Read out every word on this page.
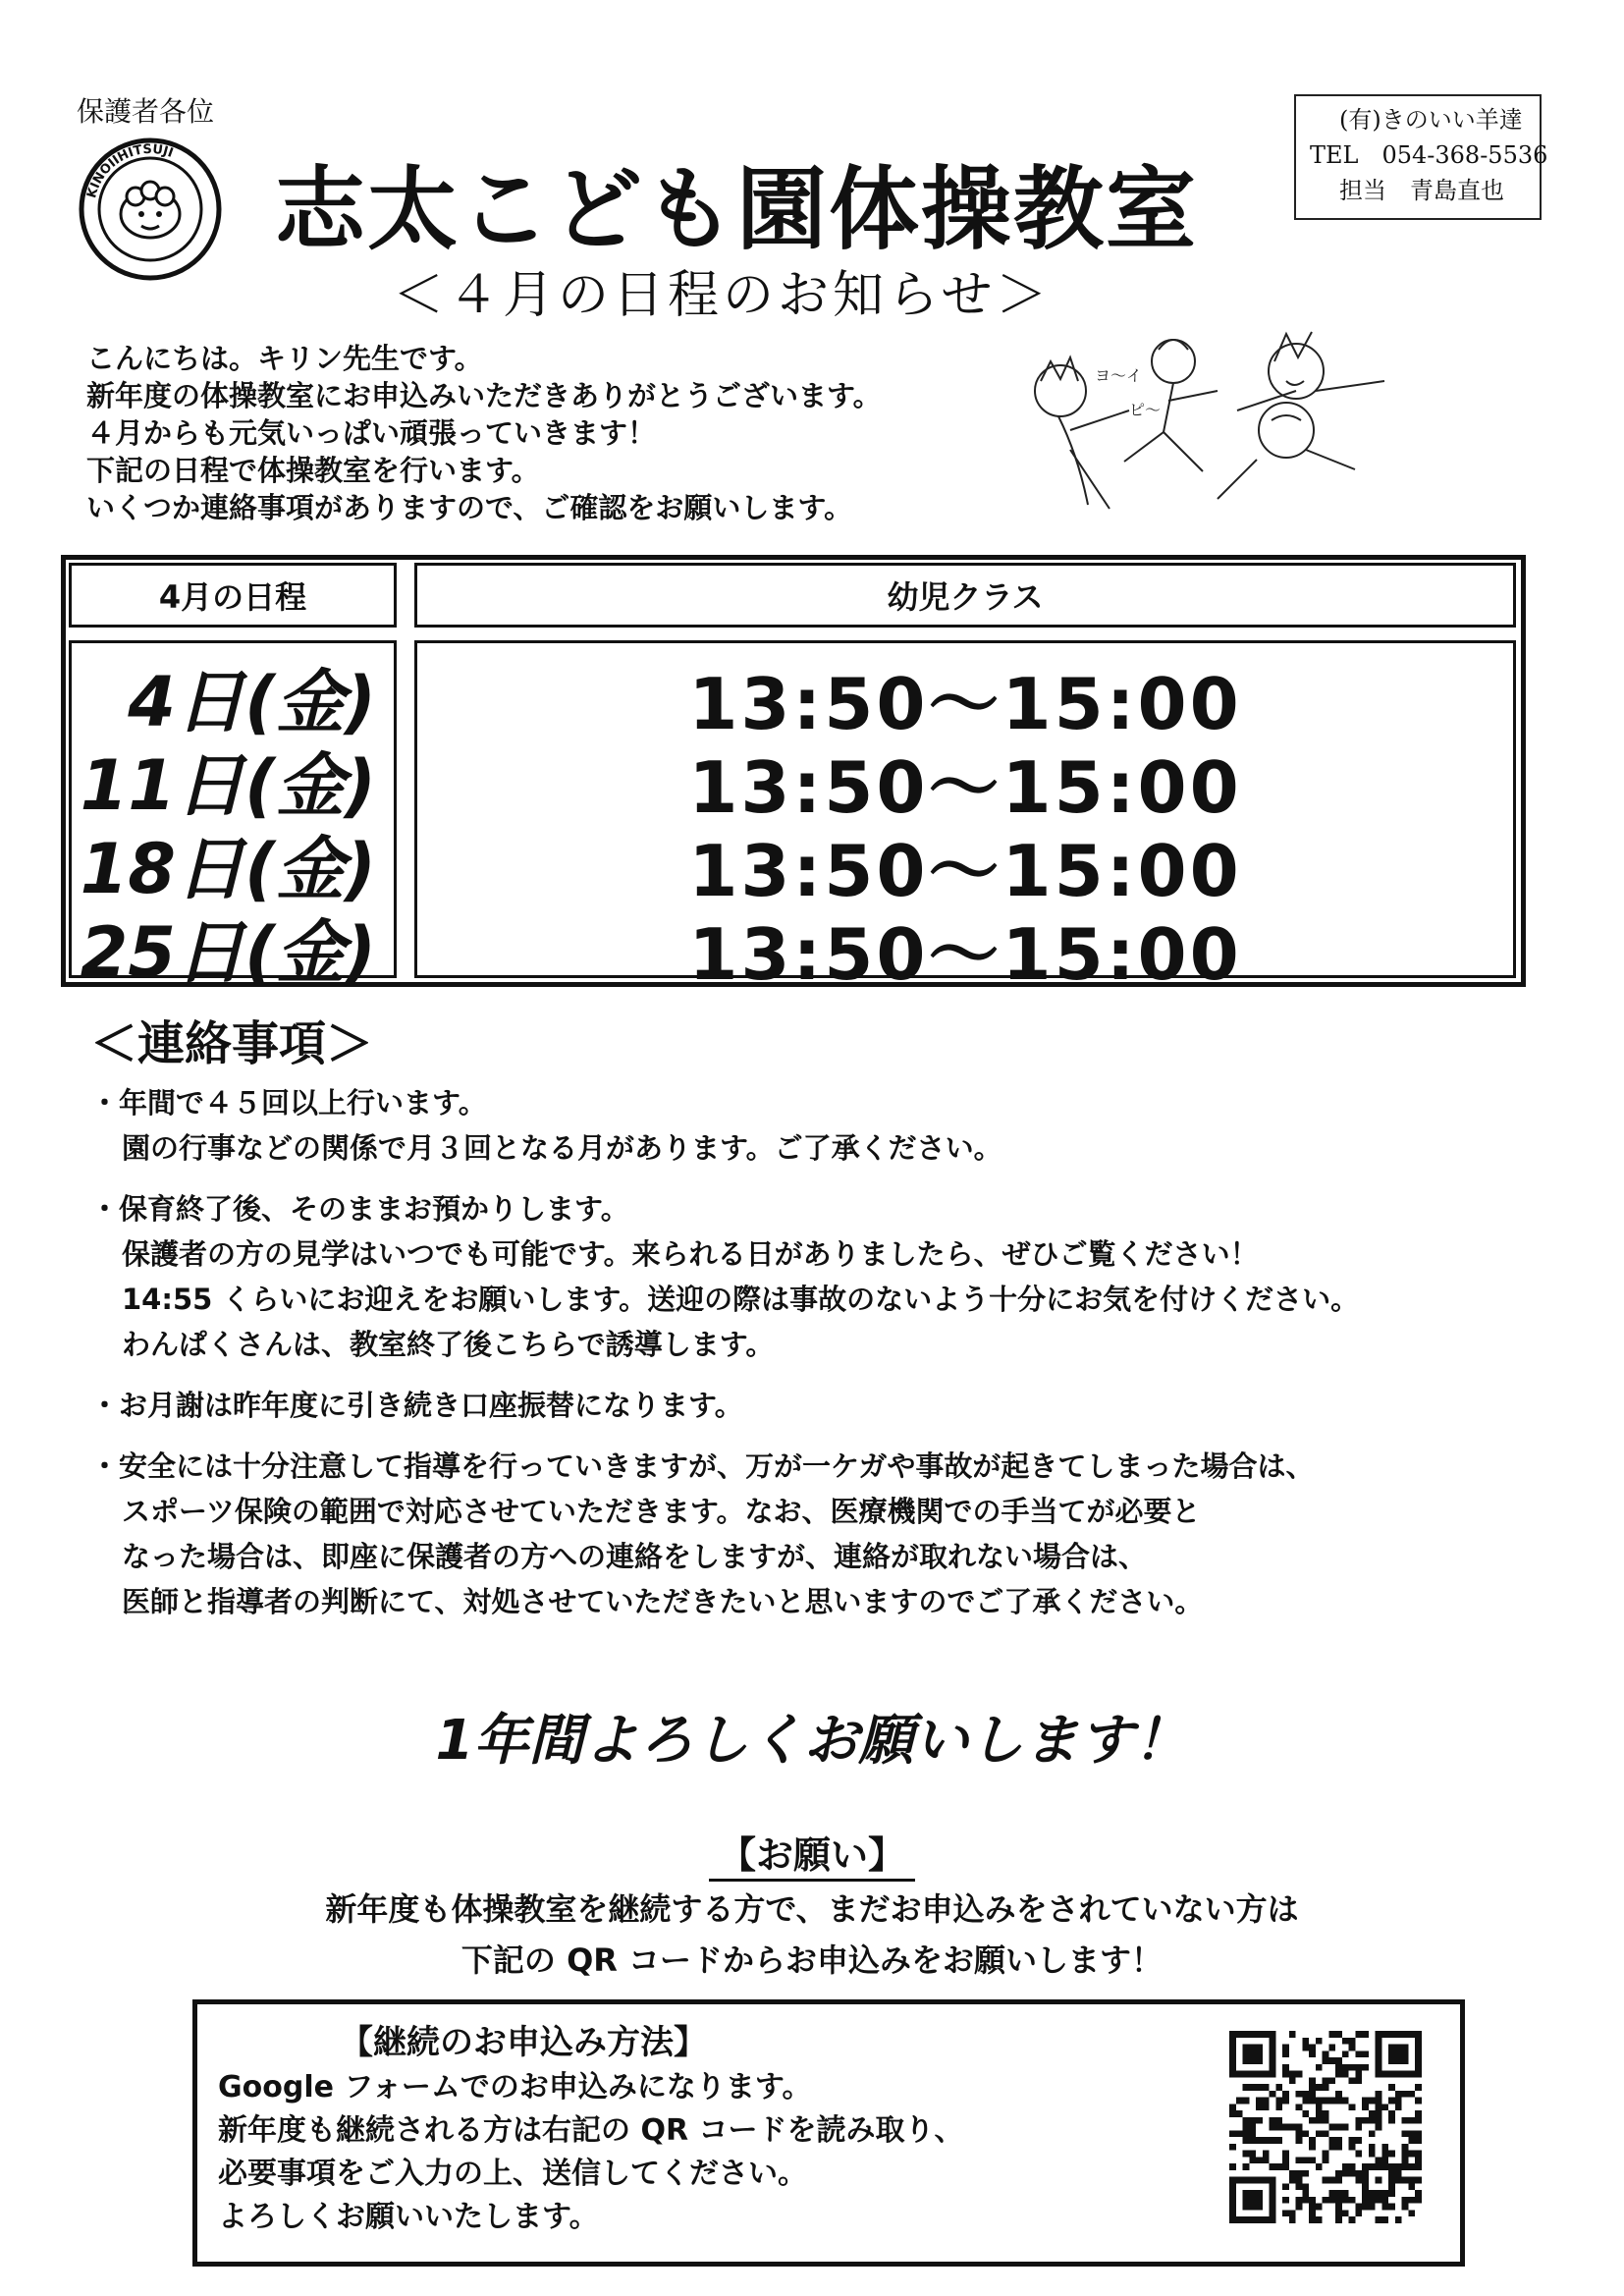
保護者各位
KINOIIHITSUJI
志太こども園体操教室
＜４月の日程のお知らせ＞
(有)きのいい羊達
TEL　054-368-5536
担当　青島直也
こんにちは。キリン先生です。
新年度の体操教室にお申込みいただきありがとうございます。
４月からも元気いっぱい頑張っていきます！
下記の日程で体操教室を行います。
いくつか連絡事項がありますので、ご確認をお願いします。
ヨ〜イ
ピ〜
4月の日程	幼児クラス
4日(金)
11日(金)
18日(金)
25日(金)
13:50〜15:00
13:50〜15:00
13:50〜15:00
13:50〜15:00
＜連絡事項＞
・ 年間で４５回以上行います。
園の行事などの関係で月３回となる月があります。ご了承ください。
・ 保育終了後、そのままお預かりします。
保護者の方の見学はいつでも可能です。来られる日がありましたら、ぜひご覧ください！
14:55 くらいにお迎えをお願いします。送迎の際は事故のないよう十分にお気を付けください。
わんぱくさんは、教室終了後こちらで誘導します。
・ お月謝は昨年度に引き続き口座振替になります。
・ 安全には十分注意して指導を行っていきますが、万が一ケガや事故が起きてしまった場合は、
スポーツ保険の範囲で対応させていただきます。なお、医療機関での手当てが必要と
なった場合は、即座に保護者の方への連絡をしますが、連絡が取れない場合は、
医師と指導者の判断にて、対処させていただきたいと思いますのでご了承ください。
1年間よろしくお願いします！
【お願い】
新年度も体操教室を継続する方で、まだお申込みをされていない方は
下記の QR コードからお申込みをお願いします！
【継続のお申込み方法】
Google フォームでのお申込みになります。
新年度も継続される方は右記の QR コードを読み取り、
必要事項をご入力の上、送信してください。
よろしくお願いいたします。
